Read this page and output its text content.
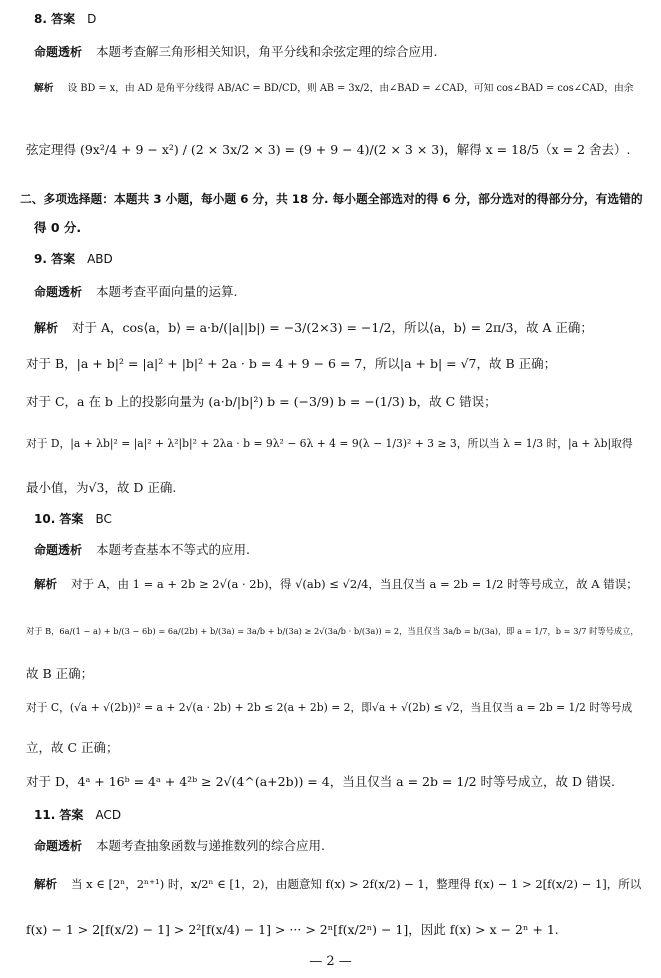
8. 答案 D
命题透析 本题考查解三角形相关知识，角平分线和余弦定理的综合应用.
解析 设 BD = x，由 AD 是角平分线得 AB/AC = BD/CD，则 AB = 3x/2，由∠BAD = ∠CAD，可知 cos∠BAD = cos∠CAD，由余
弦定理得 (9x²/4 + 9 − x²) / (2 × 3x/2 × 3) = (9 + 9 − 4)/(2 × 3 × 3)，解得 x = 18/5（x = 2 舍去）.
二、多项选择题：本题共 3 小题，每小题 6 分，共 18 分. 每小题全部选对的得 6 分，部分选对的得部分分，有选错的
得 0 分.
9. 答案 ABD
命题透析 本题考查平面向量的运算.
解析 对于 A，cos⟨a，b⟩ = a·b/(|a||b|) = −3/(2×3) = −1/2，所以⟨a，b⟩ = 2π/3，故 A 正确；
对于 B，|a + b|² = |a|² + |b|² + 2a · b = 4 + 9 − 6 = 7，所以|a + b| = √7，故 B 正确；
对于 C，a 在 b 上的投影向量为 (a·b/|b|²) b = (−3/9) b = −(1/3) b，故 C 错误；
对于 D，|a + λb|² = |a|² + λ²|b|² + 2λa · b = 9λ² − 6λ + 4 = 9(λ − 1/3)² + 3 ≥ 3，所以当 λ = 1/3 时，|a + λb|取得
最小值，为√3，故 D 正确.
10. 答案 BC
命题透析 本题考查基本不等式的应用.
解析 对于 A，由 1 = a + 2b ≥ 2√(a · 2b)，得 √(ab) ≤ √2/4，当且仅当 a = 2b = 1/2 时等号成立，故 A 错误；
对于 B，6a/(1 − a) + b/(3 − 6b) = 6a/(2b) + b/(3a) = 3a/b + b/(3a) ≥ 2√(3a/b · b/(3a)) = 2，当且仅当 3a/b = b/(3a)，即 a = 1/7，b = 3/7 时等号成立，
故 B 正确；
对于 C，(√a + √(2b))² = a + 2√(a · 2b) + 2b ≤ 2(a + 2b) = 2，即√a + √(2b) ≤ √2，当且仅当 a = 2b = 1/2 时等号成
立，故 C 正确；
对于 D，4ᵃ + 16ᵇ = 4ᵃ + 4²ᵇ ≥ 2√(4^(a+2b)) = 4，当且仅当 a = 2b = 1/2 时等号成立，故 D 错误.
11. 答案 ACD
命题透析 本题考查抽象函数与递推数列的综合应用.
解析 当 x ∈ [2ⁿ，2ⁿ⁺¹) 时，x/2ⁿ ∈ [1，2)，由题意知 f(x) > 2f(x/2) − 1，整理得 f(x) − 1 > 2[f(x/2) − 1]，所以
f(x) − 1 > 2[f(x/2) − 1] > 2²[f(x/4) − 1] > ··· > 2ⁿ[f(x/2ⁿ) − 1]，因此 f(x) > x − 2ⁿ + 1.
— 2 —
